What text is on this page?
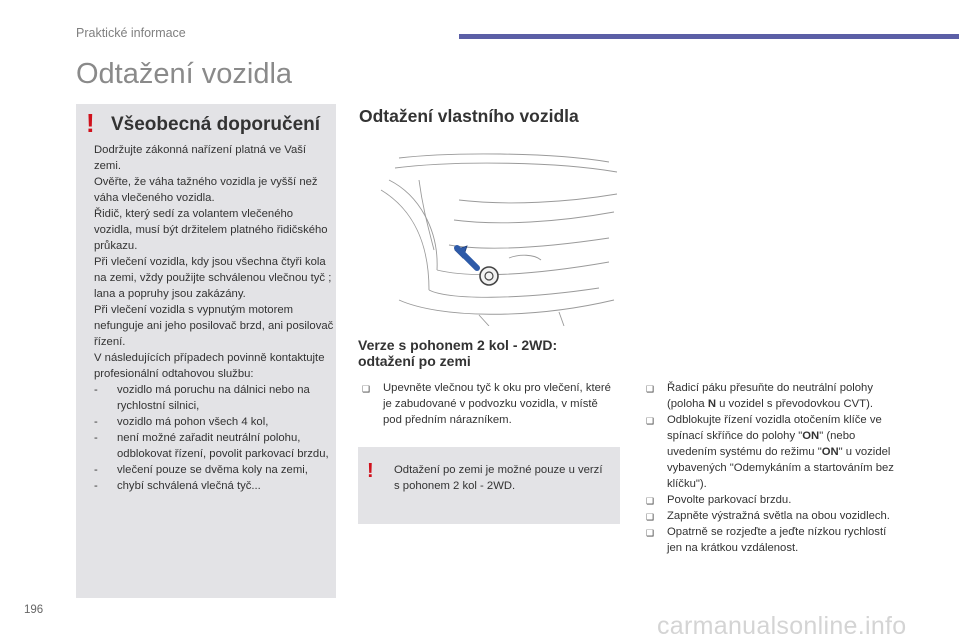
Praktické informace
Odtažení vozidla
! Všeobecná doporučení

Dodržujte zákonná nařízení platná ve Vaší zemi.

Ověřte, že váha tažného vozidla je vyšší než váha vlečeného vozidla.

Řidič, který sedí za volantem vlečeného vozidla, musí být držitelem platného řidičského průkazu.

Při vlečení vozidla, kdy jsou všechna čtyři kola na zemi, vždy použijte schválenou vlečnou tyč ; lana a popruhy jsou zakázány.

Při vlečení vozidla s vypnutým motorem nefunguje ani jeho posilovač brzd, ani posilovač řízení.

V následujících případech povinně kontaktujte profesionální odtahovou službu:

- vozidlo má poruchu na dálnici nebo na rychlostní silnici,
- vozidlo má pohon všech 4 kol,
- není možné zařadit neutrální polohu, odblokovat řízení, povolit parkovací brzdu,
- vlečení pouze se dvěma koly na zemi,
- chybí schválená vlečná tyč...
Odtažení vlastního vozidla
Verze s pohonem 2 kol - 2WD:
odtažení po zemi
❑ Upevněte vlečnou tyč k oku pro vlečení, které je zabudované v podvozku vozidla, v místě pod předním nárazníkem.
! Odtažení po zemi je možné pouze u verzí s pohonem 2 kol - 2WD.
❑ Řadicí páku přesuňte do neutrální polohy (poloha N u vozidel s převodovkou CVT).
❑ Odblokujte řízení vozidla otočením klíče ve spínací skříňce do polohy "ON" (nebo uvedením systému do režimu "ON" u vozidel vybavených "Odemykáním a startováním bez klíčku").
❑ Povolte parkovací brzdu.
❑ Zapněte výstražná světla na obou vozidlech.
❑ Opatrně se rozjeďte a jeďte nízkou rychlostí jen na krátkou vzdálenost.
196
carmanualsonline.info
